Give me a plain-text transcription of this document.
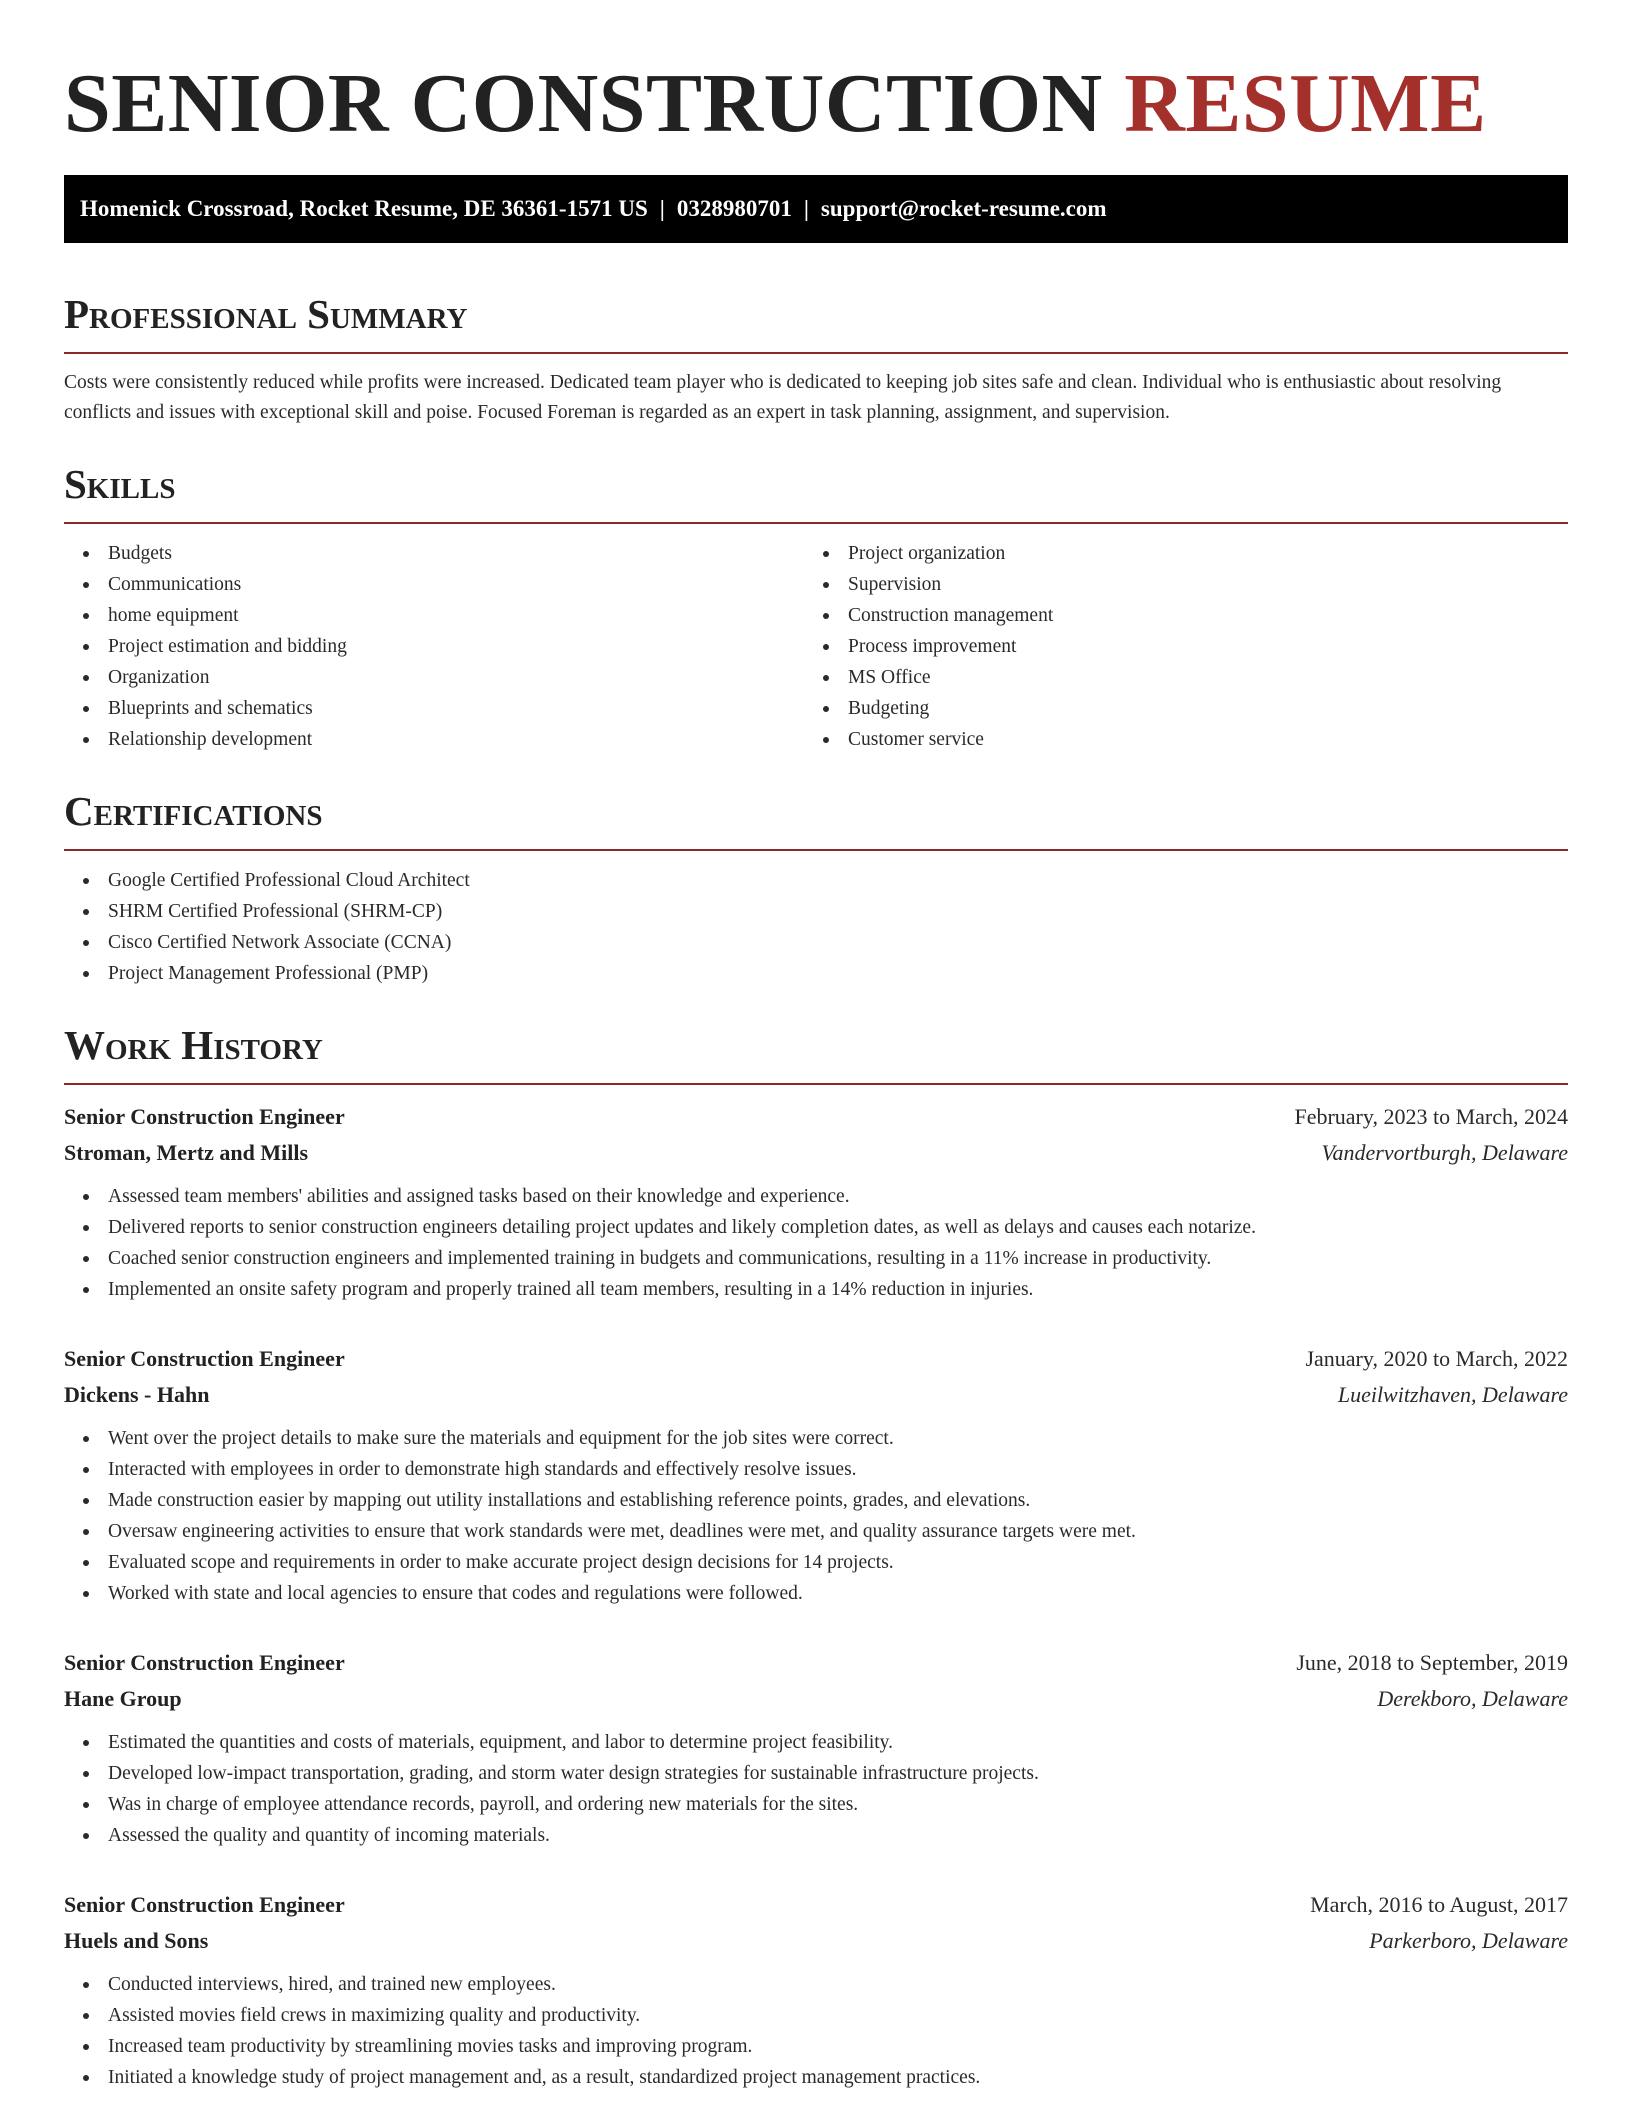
SENIOR CONSTRUCTION RESUME
Homenick Crossroad, Rocket Resume, DE 36361-1571 US | 0328980701 | support@rocket-resume.com
Professional Summary

Costs were consistently reduced while profits were increased. Dedicated team player who is dedicated to keeping job sites safe and clean. Individual who is enthusiastic about resolving conflicts and issues with exceptional skill and poise. Focused Foreman is regarded as an expert in task planning, assignment, and supervision.

Skills
Budgets
Communications
home equipment
Project estimation and bidding
Organization
Blueprints and schematics
Relationship development
Project organization
Supervision
Construction management
Process improvement
MS Office
Budgeting
Customer service
Certifications
Google Certified Professional Cloud Architect
SHRM Certified Professional (SHRM-CP)
Cisco Certified Network Associate (CCNA)
Project Management Professional (PMP)
Work History
Senior Construction Engineer	February, 2023 to March, 2024
Stroman, Mertz and Mills	Vandervortburgh, Delaware
Assessed team members' abilities and assigned tasks based on their knowledge and experience.
Delivered reports to senior construction engineers detailing project updates and likely completion dates, as well as delays and causes each notarize.
Coached senior construction engineers and implemented training in budgets and communications, resulting in a 11% increase in productivity.
Implemented an onsite safety program and properly trained all team members, resulting in a 14% reduction in injuries.
Senior Construction Engineer	January, 2020 to March, 2022
Dickens - Hahn	Lueilwitzhaven, Delaware
Went over the project details to make sure the materials and equipment for the job sites were correct.
Interacted with employees in order to demonstrate high standards and effectively resolve issues.
Made construction easier by mapping out utility installations and establishing reference points, grades, and elevations.
Oversaw engineering activities to ensure that work standards were met, deadlines were met, and quality assurance targets were met.
Evaluated scope and requirements in order to make accurate project design decisions for 14 projects.
Worked with state and local agencies to ensure that codes and regulations were followed.
Senior Construction Engineer	June, 2018 to September, 2019
Hane Group	Derekboro, Delaware
Estimated the quantities and costs of materials, equipment, and labor to determine project feasibility.
Developed low-impact transportation, grading, and storm water design strategies for sustainable infrastructure projects.
Was in charge of employee attendance records, payroll, and ordering new materials for the sites.
Assessed the quality and quantity of incoming materials.
Senior Construction Engineer	March, 2016 to August, 2017
Huels and Sons	Parkerboro, Delaware
Conducted interviews, hired, and trained new employees.
Assisted movies field crews in maximizing quality and productivity.
Increased team productivity by streamlining movies tasks and improving program.
Initiated a knowledge study of project management and, as a result, standardized project management practices.
